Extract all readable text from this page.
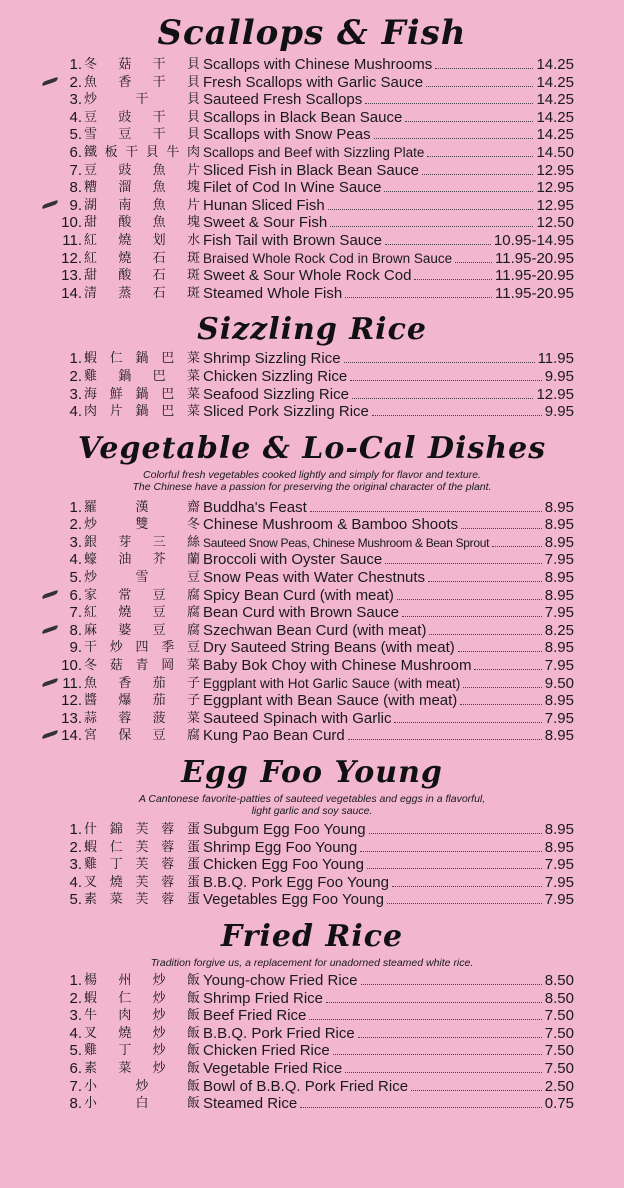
Scallops & Fish
1. 冬 菇 干 貝 Scallops with Chinese Mushrooms	14.25
2. 魚 香 干 貝 Fresh Scallops with Garlic Sauce	14.25
3. 炒	干	貝 Sauteed Fresh Scallops	14.25
4. 豆 豉 干 貝 Scallops in Black Bean Sauce	14.25
5. 雪 豆 干 貝 Scallops with Snow Peas	14.25
6. 鐵 板 干 貝 牛 肉 Scallops and Beef with Sizzling Plate	14.50
7. 豆 豉 魚 片 Sliced Fish in Black Bean Sauce	12.95
8. 糟 溜 魚 塊 Filet of Cod In Wine Sauce	12.95
9. 湖 南 魚 片 Hunan Sliced Fish	12.95
10. 甜 酸 魚 塊 Sweet & Sour Fish	12.50
11. 紅 燒 划 水 Fish Tail with Brown Sauce	10.95-14.95
12. 紅 燒 石 斑 Braised Whole Rock Cod in Brown Sauce	11.95-20.95
13. 甜 酸 石 斑 Sweet & Sour Whole Rock Cod	11.95-20.95
14. 清 蒸 石 斑 Steamed Whole Fish	11.95-20.95
Sizzling Rice
1. 蝦 仁 鍋 巴 菜 Shrimp Sizzling Rice	11.95
2. 雞 鍋 巴 菜 Chicken Sizzling Rice	9.95
3. 海 鮮 鍋 巴 菜 Seafood Sizzling Rice	12.95
4. 肉 片 鍋 巴 菜 Sliced Pork Sizzling Rice	9.95
Vegetable & Lo-Cal Dishes
Colorful fresh vegetables cooked lightly and simply for flavor and texture.
The Chinese have a passion for preserving the original character of the plant.
1. 羅	漢	齋 Buddha's Feast	8.95
2. 炒	雙	冬 Chinese Mushroom & Bamboo Shoots	8.95
3. 銀 芽 三 絲 Sauteed Snow Peas, Chinese Mushroom & Bean Sprout	8.95
4. 蠔 油 芥 蘭 Broccoli with Oyster Sauce	7.95
5. 炒	雪	豆 Snow Peas with Water Chestnuts	8.95
6. 家 常 豆 腐 Spicy Bean Curd (with meat)	8.95
7. 紅 燒 豆 腐 Bean Curd with Brown Sauce	7.95
8. 麻 婆 豆 腐 Szechwan Bean Curd (with meat)	8.25
9. 干 炒 四 季 豆 Dry Sauteed String Beans (with meat)	8.95
10. 冬 菇 青 岡 菜 Baby Bok Choy with Chinese Mushroom	7.95
11. 魚 香 茄 子 Eggplant with Hot Garlic Sauce (with meat)	9.50
12. 醬 爆 茄 子 Eggplant with Bean Sauce (with meat)	8.95
13. 蒜 蓉 菠 菜 Sauteed Spinach with Garlic	7.95
14. 宮 保 豆 腐 Kung Pao Bean Curd	8.95
Egg Foo Young
A Cantonese favorite-patties of sauteed vegetables and eggs in a flavorful,
light garlic and soy sauce.
1. 什 錦 芙 蓉 蛋 Subgum Egg Foo Young	8.95
2. 蝦 仁 芙 蓉 蛋 Shrimp Egg Foo Young	8.95
3. 雞 丁 芙 蓉 蛋 Chicken Egg Foo Young	7.95
4. 叉 燒 芙 蓉 蛋 B.B.Q. Pork Egg Foo Young	7.95
5. 素 菜 芙 蓉 蛋 Vegetables Egg Foo Young	7.95
Fried Rice
Tradition forgive us, a replacement for unadorned steamed white rice.
1. 楊 州 炒 飯 Young-chow Fried Rice	8.50
2. 蝦 仁 炒 飯 Shrimp Fried Rice	8.50
3. 牛 肉 炒 飯 Beef Fried Rice	7.50
4. 叉 燒 炒 飯 B.B.Q. Pork Fried Rice	7.50
5. 雞 丁 炒 飯 Chicken Fried Rice	7.50
6. 素 菜 炒 飯 Vegetable Fried Rice	7.50
7. 小	炒	飯 Bowl of B.B.Q. Pork Fried Rice	2.50
8. 小	白	飯 Steamed Rice	0.75
